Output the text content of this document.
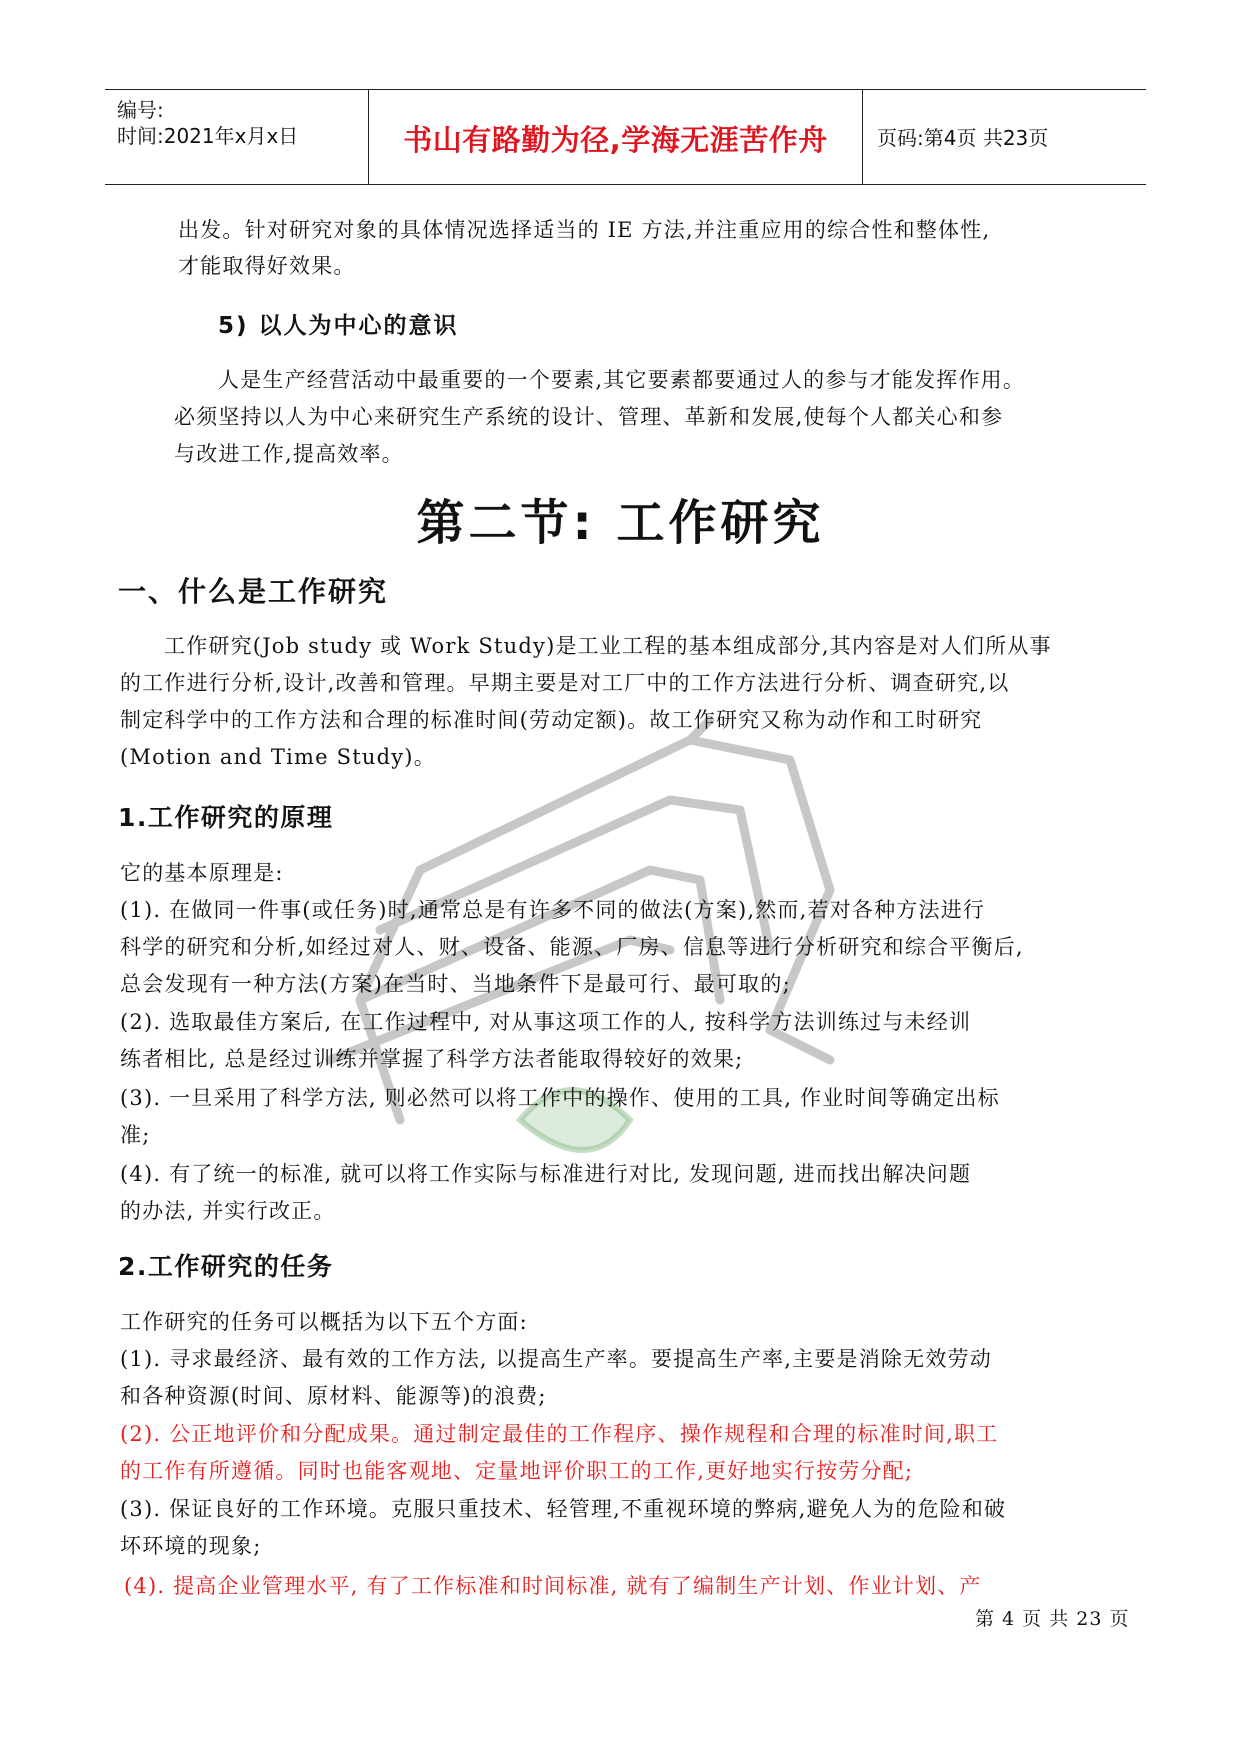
编号:
时间:2021年x月x日	书山有路勤为径,学海无涯苦作舟	页码:第4页 共23页
出发。针对研究对象的具体情况选择适当的 IE 方法,并注重应用的综合性和整体性,
才能取得好效果。
5) 以人为中心的意识
人是生产经营活动中最重要的一个要素,其它要素都要通过人的参与才能发挥作用。
必须坚持以人为中心来研究生产系统的设计、管理、革新和发展,使每个人都关心和参
与改进工作,提高效率。
第二节: 工作研究
一、什么是工作研究
工作研究(Job study 或 Work Study)是工业工程的基本组成部分,其内容是对人们所从事
的工作进行分析,设计,改善和管理。早期主要是对工厂中的工作方法进行分析、调查研究,以
制定科学中的工作方法和合理的标准时间(劳动定额)。故工作研究又称为动作和工时研究
(Motion and Time Study)。
1.工作研究的原理
它的基本原理是:
(1). 在做同一件事(或任务)时,通常总是有许多不同的做法(方案),然而,若对各种方法进行
科学的研究和分析,如经过对人、财、设备、能源、厂房、信息等进行分析研究和综合平衡后,
总会发现有一种方法(方案)在当时、当地条件下是最可行、最可取的;
(2). 选取最佳方案后, 在工作过程中, 对从事这项工作的人, 按科学方法训练过与未经训
练者相比, 总是经过训练并掌握了科学方法者能取得较好的效果;
(3). 一旦采用了科学方法, 则必然可以将工作中的操作、使用的工具, 作业时间等确定出标
准;
(4). 有了统一的标准, 就可以将工作实际与标准进行对比, 发现问题, 进而找出解决问题
的办法, 并实行改正。
2.工作研究的任务
工作研究的任务可以概括为以下五个方面:
(1). 寻求最经济、最有效的工作方法, 以提高生产率。要提高生产率,主要是消除无效劳动
和各种资源(时间、原材料、能源等)的浪费;
(2). 公正地评价和分配成果。通过制定最佳的工作程序、操作规程和合理的标准时间,职工
的工作有所遵循。同时也能客观地、定量地评价职工的工作,更好地实行按劳分配;
(3). 保证良好的工作环境。克服只重技术、轻管理,不重视环境的弊病,避免人为的危险和破
坏环境的现象;
(4). 提高企业管理水平, 有了工作标准和时间标准, 就有了编制生产计划、作业计划、产
第 4 页 共 23 页
